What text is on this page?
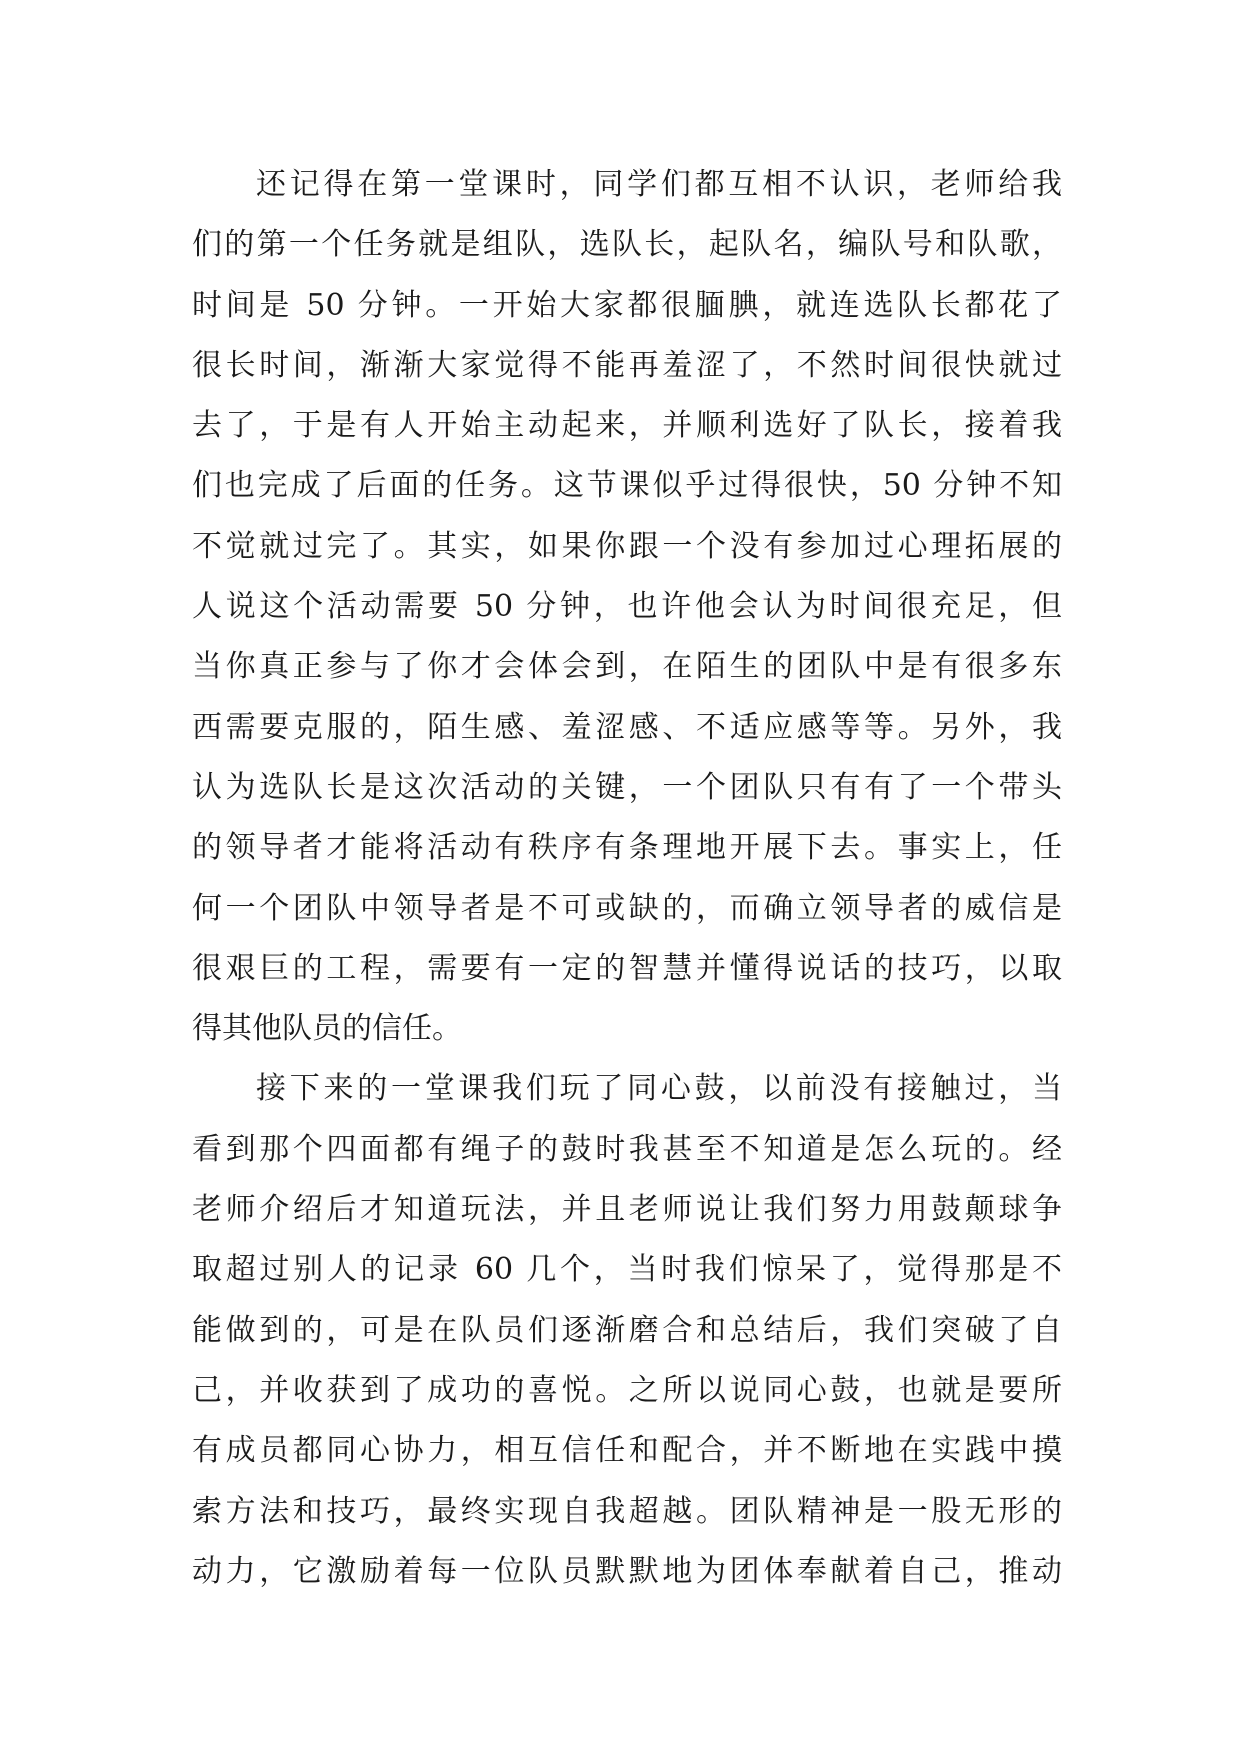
还记得在第一堂课时，同学们都互相不认识，老师给我
们的第一个任务就是组队，选队长，起队名，编队号和队歌，
时间是 50 分钟。一开始大家都很腼腆，就连选队长都花了
很长时间，渐渐大家觉得不能再羞涩了，不然时间很快就过
去了，于是有人开始主动起来，并顺利选好了队长，接着我
们也完成了后面的任务。这节课似乎过得很快，50 分钟不知
不觉就过完了。其实，如果你跟一个没有参加过心理拓展的
人说这个活动需要 50 分钟，也许他会认为时间很充足，但
当你真正参与了你才会体会到，在陌生的团队中是有很多东
西需要克服的，陌生感、羞涩感、不适应感等等。另外，我
认为选队长是这次活动的关键，一个团队只有有了一个带头
的领导者才能将活动有秩序有条理地开展下去。事实上，任
何一个团队中领导者是不可或缺的，而确立领导者的威信是
很艰巨的工程，需要有一定的智慧并懂得说话的技巧，以取
得其他队员的信任。
接下来的一堂课我们玩了同心鼓，以前没有接触过，当
看到那个四面都有绳子的鼓时我甚至不知道是怎么玩的。经
老师介绍后才知道玩法，并且老师说让我们努力用鼓颠球争
取超过别人的记录 60 几个，当时我们惊呆了，觉得那是不
能做到的，可是在队员们逐渐磨合和总结后，我们突破了自
己，并收获到了成功的喜悦。之所以说同心鼓，也就是要所
有成员都同心协力，相互信任和配合，并不断地在实践中摸
索方法和技巧，最终实现自我超越。团队精神是一股无形的
动力，它激励着每一位队员默默地为团体奉献着自己，推动
